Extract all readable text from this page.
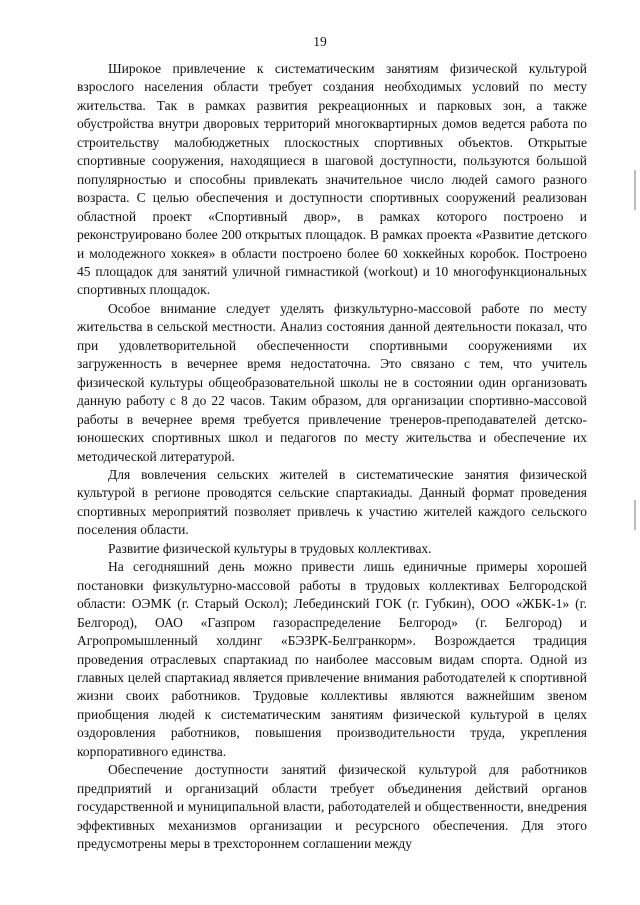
19

Широкое привлечение к систематическим занятиям физической культурой взрослого населения области требует создания необходимых условий по месту жительства. Так в рамках развития рекреационных и парковых зон, а также обустройства внутри дворовых территорий многоквартирных домов ведется работа по строительству малобюджетных плоскостных спортивных объектов. Открытые спортивные сооружения, находящиеся в шаговой доступности, пользуются большой популярностью и способны привлекать значительное число людей самого разного возраста. С целью обеспечения и доступности спортивных сооружений реализован областной проект «Спортивный двор», в рамках которого построено и реконструировано более 200 открытых площадок. В рамках проекта «Развитие детского и молодежного хоккея» в области построено более 60 хоккейных коробок. Построено 45 площадок для занятий уличной гимнастикой (workout) и 10 многофункциональных спортивных площадок.

Особое внимание следует уделять физкультурно-массовой работе по месту жительства в сельской местности. Анализ состояния данной деятельности показал, что при удовлетворительной обеспеченности спортивными сооружениями их загруженность в вечернее время недостаточна. Это связано с тем, что учитель физической культуры общеобразовательной школы не в состоянии один организовать данную работу с 8 до 22 часов. Таким образом, для организации спортивно-массовой работы в вечернее время требуется привлечение тренеров-преподавателей детско-юношеских спортивных школ и педагогов по месту жительства и обеспечение их методической литературой.

Для вовлечения сельских жителей в систематические занятия физической культурой в регионе проводятся сельские спартакиады. Данный формат проведения спортивных мероприятий позволяет привлечь к участию жителей каждого сельского поселения области.

Развитие физической культуры в трудовых коллективах.

На сегодняшний день можно привести лишь единичные примеры хорошей постановки физкультурно-массовой работы в трудовых коллективах Белгородской области: ОЭМК (г. Старый Оскол); Лебединский ГОК (г. Губкин), ООО «ЖБК-1» (г. Белгород), ОАО «Газпром газораспределение Белгород» (г. Белгород) и Агропромышленный холдинг «БЭЗРК-Белгранкорм». Возрождается традиция проведения отраслевых спартакиад по наиболее массовым видам спорта. Одной из главных целей спартакиад является привлечение внимания работодателей к спортивной жизни своих работников. Трудовые коллективы являются важнейшим звеном приобщения людей к систематическим занятиям физической культурой в целях оздоровления работников, повышения производительности труда, укрепления корпоративного единства.

Обеспечение доступности занятий физической культурой для работников предприятий и организаций области требует объединения действий органов государственной и муниципальной власти, работодателей и общественности, внедрения эффективных механизмов организации и ресурсного обеспечения. Для этого предусмотрены меры в трехстороннем соглашении между
